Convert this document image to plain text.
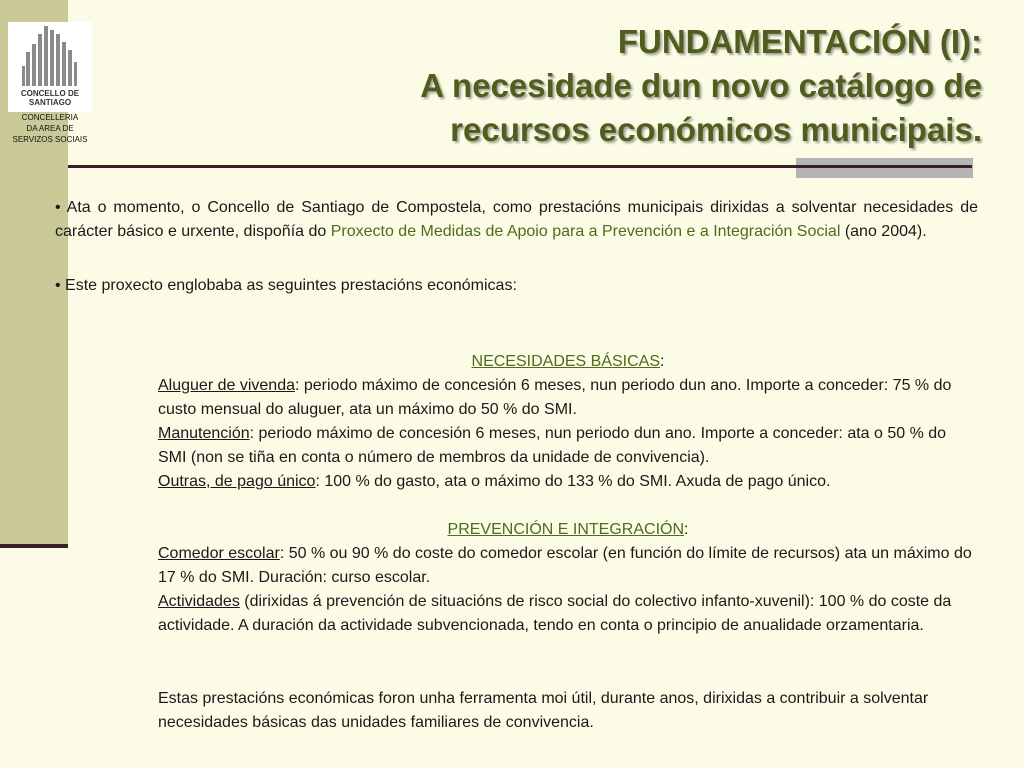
CONCELLO DE
SANTIAGO
CONCELLERIA
DA AREA DE
SERVIZOS SOCIAIS
FUNDAMENTACIÓN (I):
A necesidade dun novo catálogo de
recursos económicos municipais.

• Ata o momento, o Concello de Santiago de Compostela, como prestacións municipais dirixidas a solventar necesidades de carácter básico e urxente, dispoñía do Proxecto de Medidas de Apoio para a Prevención e a Integración Social (ano 2004).

• Este proxecto englobaba as seguintes prestacións económicas:

NECESIDADES BÁSICAS:

Aluguer de vivenda: periodo máximo de concesión 6 meses, nun periodo dun ano. Importe a conceder: 75 % do custo mensual do aluguer, ata un máximo do 50 % do SMI.

Manutención: periodo máximo de concesión 6 meses, nun periodo dun ano. Importe a conceder: ata o 50 % do SMI (non se tiña en conta o número de membros da unidade de convivencia).

Outras, de pago único: 100 % do gasto, ata o máximo do 133 % do SMI. Axuda de pago único.

PREVENCIÓN E INTEGRACIÓN:

Comedor escolar: 50 % ou 90 % do coste do comedor escolar (en función do límite de recursos) ata un máximo do 17 % do SMI. Duración: curso escolar.

Actividades (dirixidas á prevención de situacións de risco social do colectivo infanto-xuvenil): 100 % do coste da actividade. A duración da actividade subvencionada, tendo en conta o principio de anualidade orzamentaria.

Estas prestacións económicas foron unha ferramenta moi útil, durante anos, dirixidas a contribuir a solventar necesidades básicas das unidades familiares de convivencia.
